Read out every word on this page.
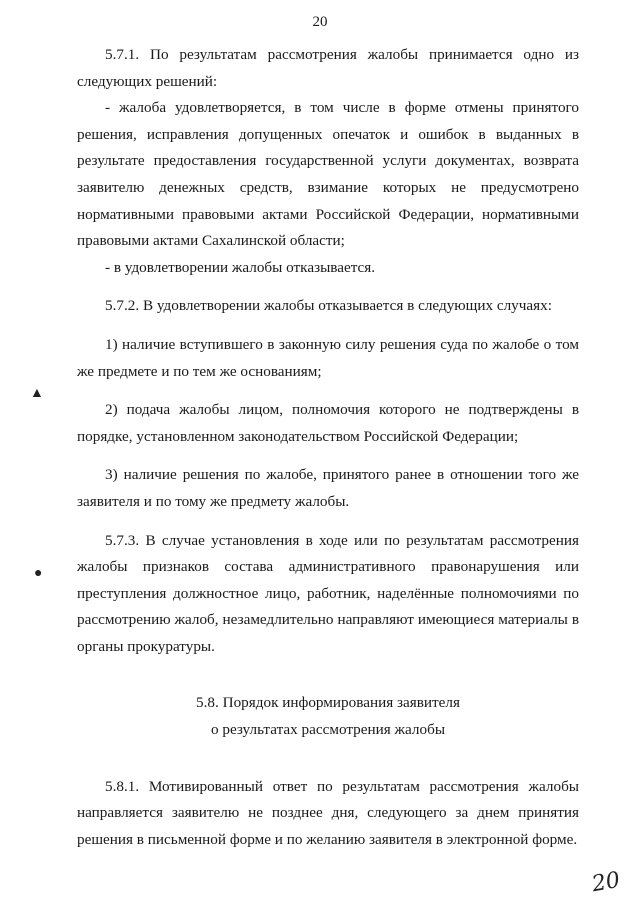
20
▲
●

5.7.1. По результатам рассмотрения жалобы принимается одно из следующих решений:

- жалоба удовлетворяется, в том числе в форме отмены принятого решения, исправления допущенных опечаток и ошибок в выданных в результате предоставления государственной услуги документах, возврата заявителю денежных средств, взимание которых не предусмотрено нормативными правовыми актами Российской Федерации, нормативными правовыми актами Сахалинской области;

- в удовлетворении жалобы отказывается.

5.7.2. В удовлетворении жалобы отказывается в следующих случаях:

1) наличие вступившего в законную силу решения суда по жалобе о том же предмете и по тем же основаниям;

2) подача жалобы лицом, полномочия которого не подтверждены в порядке, установленном законодательством Российской Федерации;

3) наличие решения по жалобе, принятого ранее в отношении того же заявителя и по тому же предмету жалобы.

5.7.3. В случае установления в ходе или по результатам рассмотрения жалобы признаков состава административного правонарушения или преступления должностное лицо, работник, наделённые полномочиями по рассмотрению жалоб, незамедлительно направляют имеющиеся материалы в органы прокуратуры.

5.8. Порядок информирования заявителя

о результатах рассмотрения жалобы

5.8.1. Мотивированный ответ по результатам рассмотрения жалобы направляется заявителю не позднее дня, следующего за днем принятия решения в письменной форме и по желанию заявителя в электронной форме.

20
